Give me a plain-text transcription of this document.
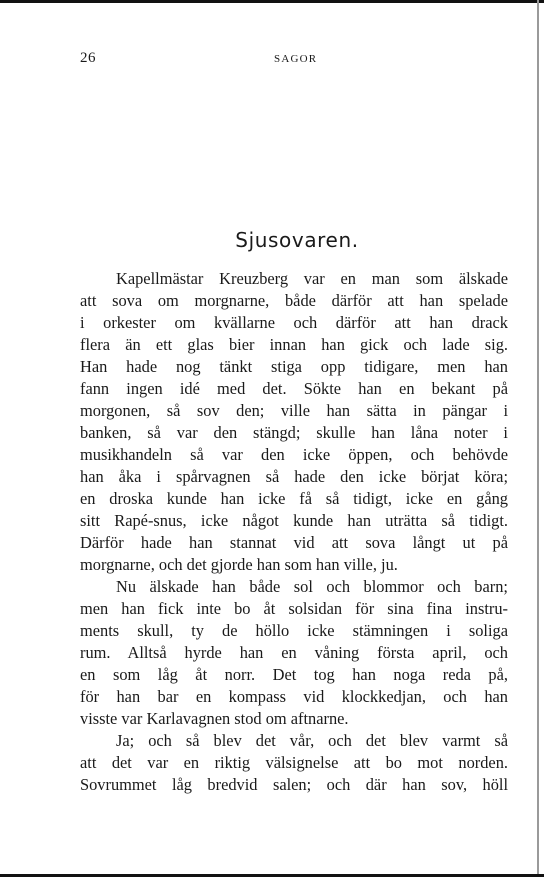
26	SAGOR
Sjusovaren.
Kapellmästar Kreuzberg var en man som älskade
att sova om morgnarne, både därför att han spelade
i orkester om kvällarne och därför att han drack
flera än ett glas bier innan han gick och lade sig.
Han hade nog tänkt stiga opp tidigare, men han
fann ingen idé med det. Sökte han en bekant på
morgonen, så sov den; ville han sätta in pängar i
banken, så var den stängd; skulle han låna noter i
musikhandeln så var den icke öppen, och behövde
han åka i spårvagnen så hade den icke börjat köra;
en droska kunde han icke få så tidigt, icke en gång
sitt Rapé-snus, icke något kunde han uträtta så tidigt.
Därför hade han stannat vid att sova långt ut på
morgnarne, och det gjorde han som han ville, ju.
Nu älskade han både sol och blommor och barn;
men han fick inte bo åt solsidan för sina fina instru-
ments skull, ty de höllo icke stämningen i soliga
rum. Alltså hyrde han en våning första april, och
en som låg åt norr. Det tog han noga reda på,
för han bar en kompass vid klockkedjan, och han
visste var Karlavagnen stod om aftnarne.
Ja; och så blev det vår, och det blev varmt så
att det var en riktig välsignelse att bo mot norden.
Sovrummet låg bredvid salen; och där han sov, höll
